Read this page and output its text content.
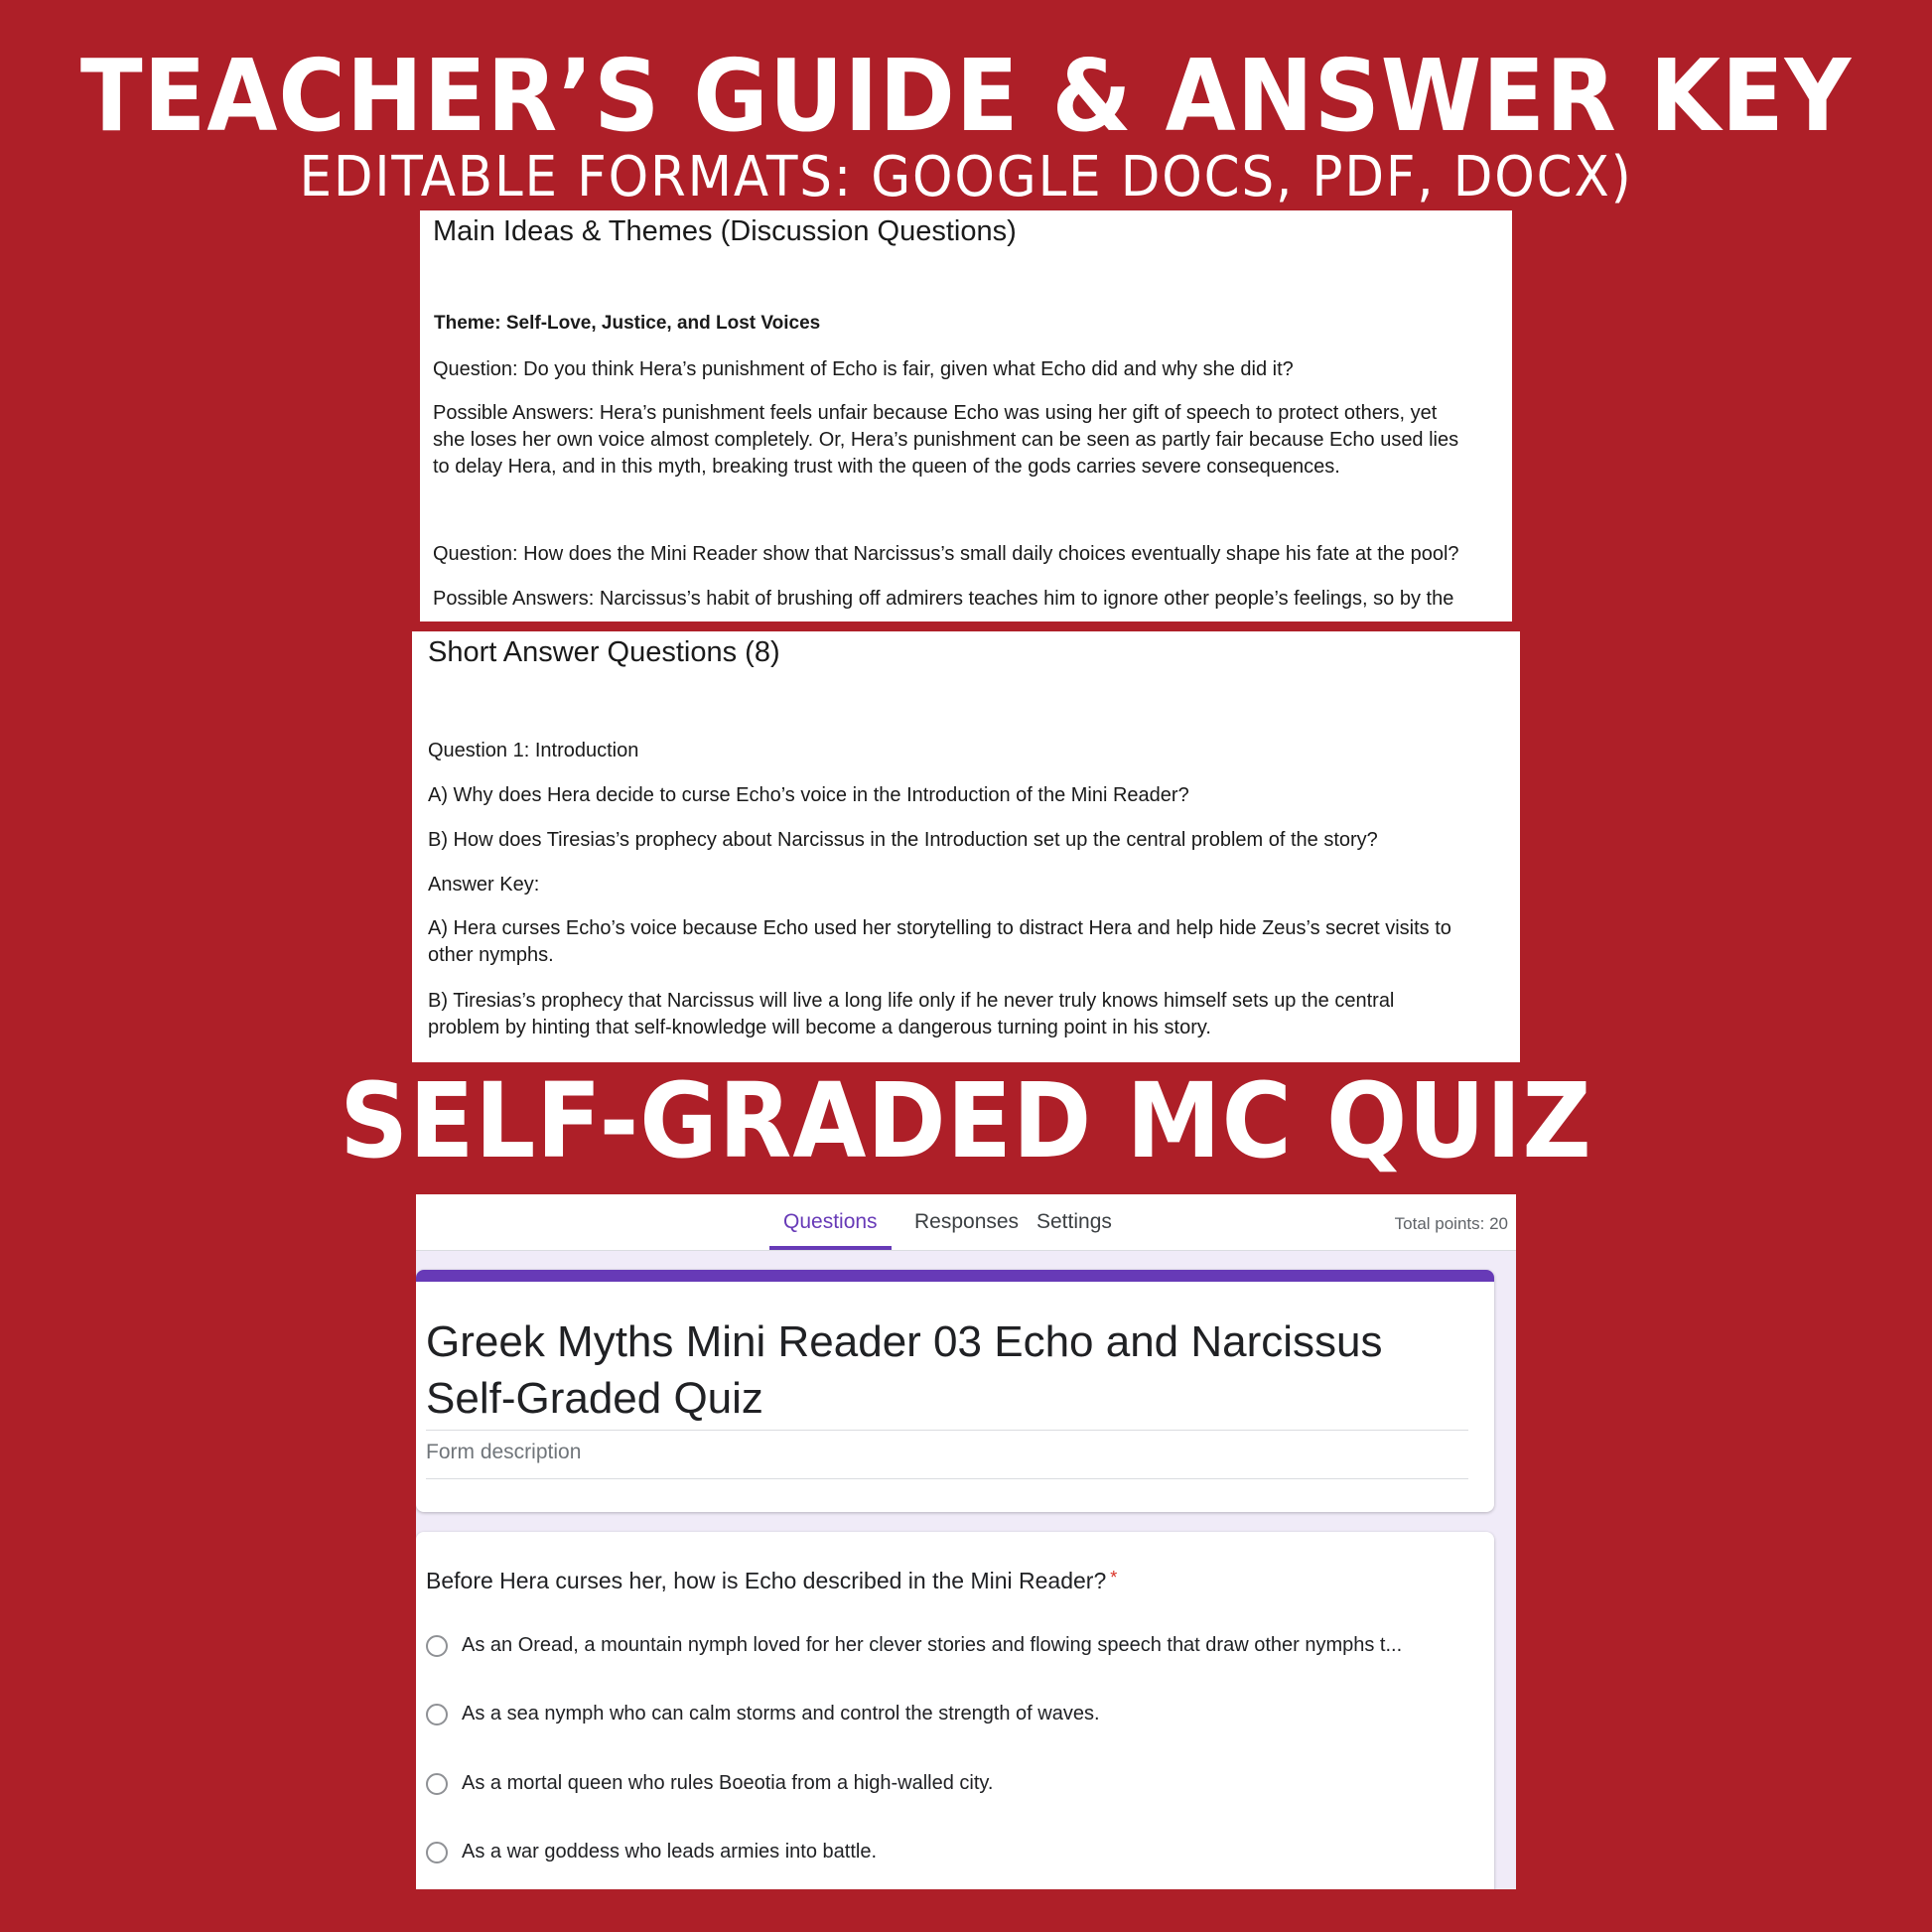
TEACHER’S GUIDE & ANSWER KEY
EDITABLE FORMATS: GOOGLE DOCS, PDF, DOCX)
Main Ideas & Themes (Discussion Questions)
Theme: Self-Love, Justice, and Lost Voices
Question: Do you think Hera’s punishment of Echo is fair, given what Echo did and why she did it?
Possible Answers: Hera’s punishment feels unfair because Echo was using her gift of speech to protect others, yet
she loses her own voice almost completely. Or, Hera’s punishment can be seen as partly fair because Echo used lies
to delay Hera, and in this myth, breaking trust with the queen of the gods carries severe consequences.
Question: How does the Mini Reader show that Narcissus’s small daily choices eventually shape his fate at the pool?
Possible Answers: Narcissus’s habit of brushing off admirers teaches him to ignore other people’s feelings, so by the
Short Answer Questions (8)
Question 1: Introduction
A) Why does Hera decide to curse Echo’s voice in the Introduction of the Mini Reader?
B) How does Tiresias’s prophecy about Narcissus in the Introduction set up the central problem of the story?
Answer Key:
A) Hera curses Echo’s voice because Echo used her storytelling to distract Hera and help hide Zeus’s secret visits to
other nymphs.
B) Tiresias’s prophecy that Narcissus will live a long life only if he never truly knows himself sets up the central
problem by hinting that self-knowledge will become a dangerous turning point in his story.
SELF-GRADED MC QUIZ
Questions	Responses Settings	Total points: 20
Greek Myths Mini Reader 03 Echo and Narcissus
Self-Graded Quiz
Form description
Before Hera curses her, how is Echo described in the Mini Reader? *
As an Oread, a mountain nymph loved for her clever stories and flowing speech that draw other nymphs t...
As a sea nymph who can calm storms and control the strength of waves.
As a mortal queen who rules Boeotia from a high-walled city.
As a war goddess who leads armies into battle.
